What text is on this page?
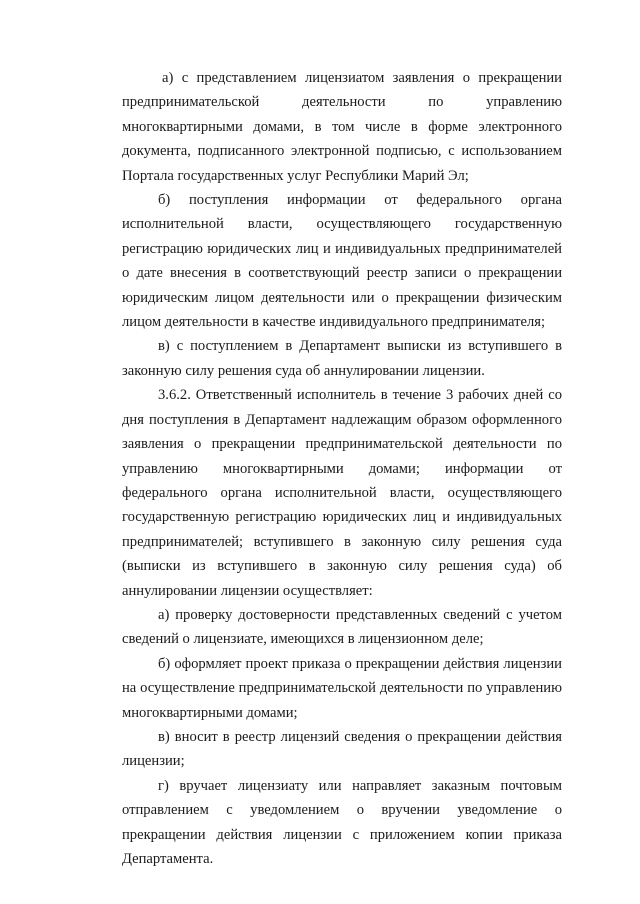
а) с представлением лицензиатом заявления о прекращении предпринимательской деятельности по управлению многоквартирными домами, в том числе в форме электронного документа, подписанного электронной подписью, с использованием Портала государственных услуг Республики Марий Эл;

б) поступления информации от федерального органа исполнительной власти, осуществляющего государственную регистрацию юридических лиц и индивидуальных предпринимателей о дате внесения в соответствующий реестр записи о прекращении юридическим лицом деятельности или о прекращении физическим лицом деятельности в качестве индивидуального предпринимателя;

в) с поступлением в Департамент выписки из вступившего в законную силу решения суда об аннулировании лицензии.

3.6.2. Ответственный исполнитель в течение 3 рабочих дней со дня поступления в Департамент надлежащим образом оформленного заявления о прекращении предпринимательской деятельности по управлению многоквартирными домами; информации от федерального органа исполнительной власти, осуществляющего государственную регистрацию юридических лиц и индивидуальных предпринимателей; вступившего в законную силу решения суда (выписки из вступившего в законную силу решения суда) об аннулировании лицензии осуществляет:

а) проверку достоверности представленных сведений с учетом сведений о лицензиате, имеющихся в лицензионном деле;

б) оформляет проект приказа о прекращении действия лицензии на осуществление предпринимательской деятельности по управлению многоквартирными домами;

в) вносит в реестр лицензий сведения о прекращении действия лицензии;

г) вручает лицензиату или направляет заказным почтовым отправлением с уведомлением о вручении уведомление о прекращении действия лицензии с приложением копии приказа Департамента.
